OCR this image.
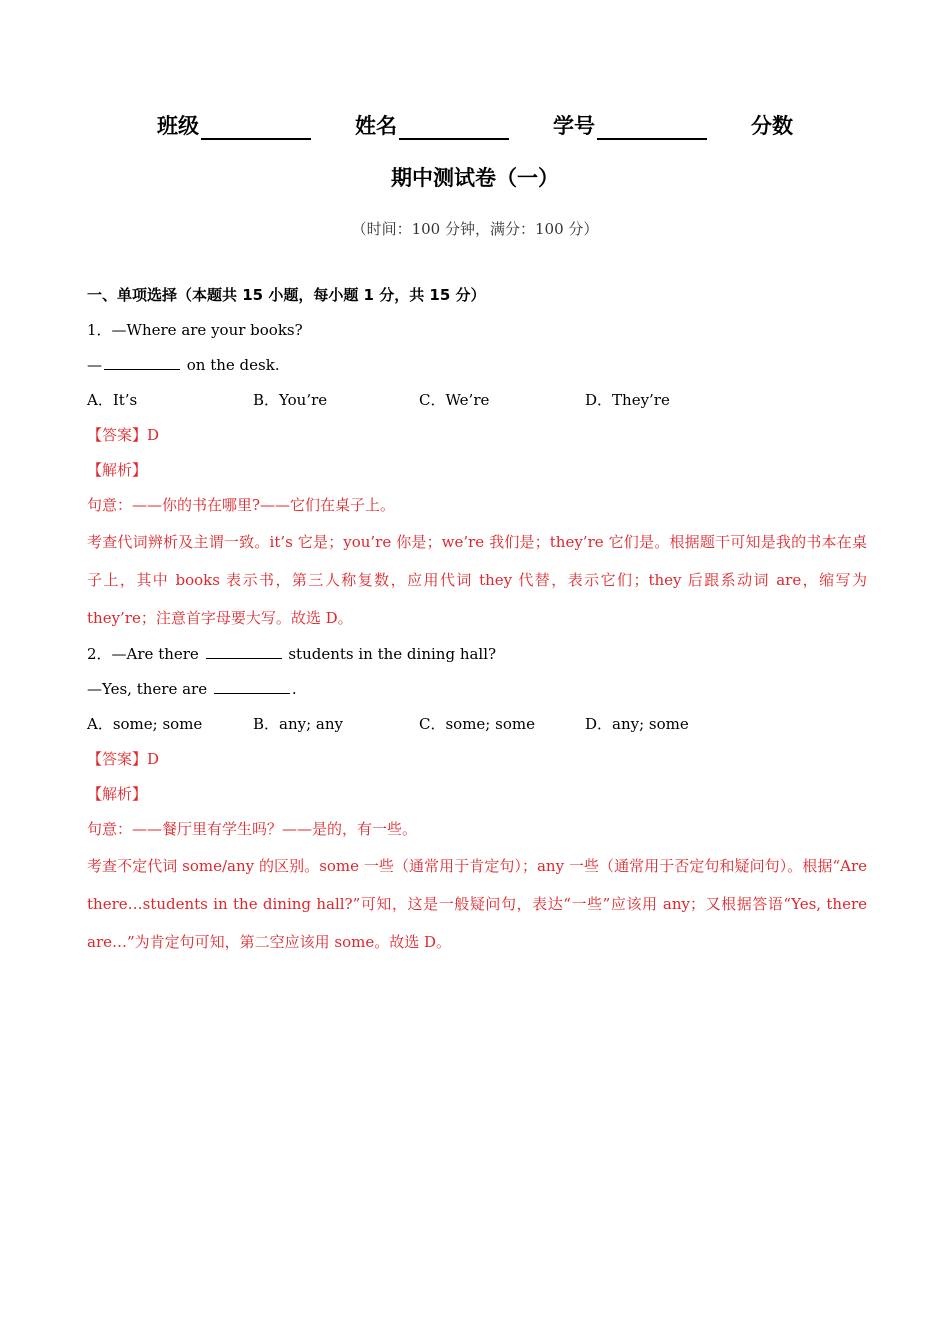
班级	姓名	学号	分数
期中测试卷（一）
（时间：100 分钟，满分：100 分）
一、单项选择（本题共 15 小题，每小题 1 分，共 15 分）
1．—Where are your books?
—	on the desk.
A．It’s	B．You’re	C．We’re	D．They’re
【答案】D
【解析】
句意：——你的书在哪里?——它们在桌子上。
考查代词辨析及主谓一致。it’s 它是；you’re 你是；we’re 我们是；they’re 它们是。根据题干可知是我的书本在桌子上，其中 books 表示书，第三人称复数，应用代词 they 代替，表示它们；they 后跟系动词 are，缩写为 they’re；注意首字母要大写。故选 D。
2．—Are there	students in the dining hall?
—Yes, there are	.
A．some; some	B．any; any	C．some; some	D．any; some
【答案】D
【解析】
句意：——餐厅里有学生吗？——是的，有一些。
考查不定代词 some/any 的区别。some 一些（通常用于肯定句）；any 一些（通常用于否定句和疑问句）。根据“Are there…students in the dining hall?”可知，这是一般疑问句，表达“一些”应该用 any；又根据答语“Yes, there are…”为肯定句可知，第二空应该用 some。故选 D。
